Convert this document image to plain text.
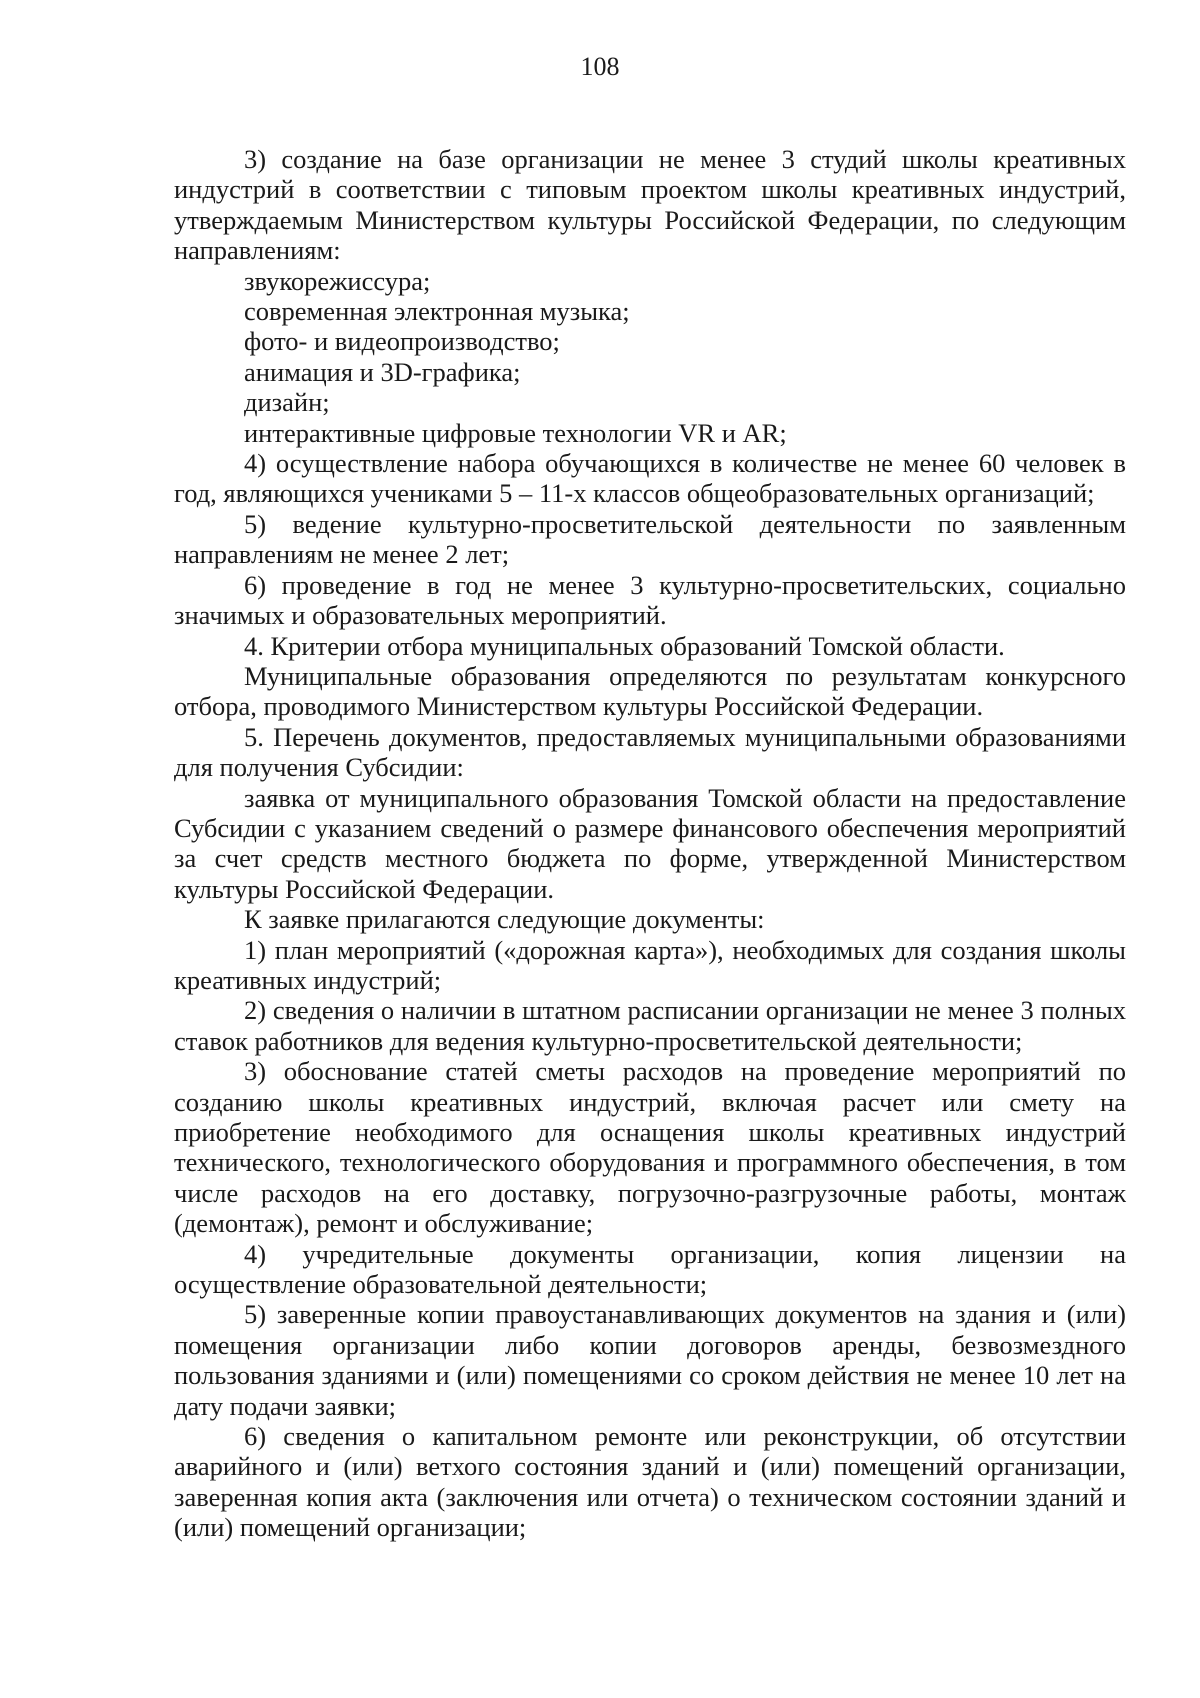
108

3) создание на базе организации не менее 3 студий школы креативных индустрий в соответствии с типовым проектом школы креативных индустрий, утверждаемым Министерством культуры Российской Федерации, по следующим направлениям:

звукорежиссура;

современная электронная музыка;

фото- и видеопроизводство;

анимация и 3D-графика;

дизайн;

интерактивные цифровые технологии VR и AR;

4) осуществление набора обучающихся в количестве не менее 60 человек в год, являющихся учениками 5 – 11-х классов общеобразовательных организаций;

5) ведение культурно-просветительской деятельности по заявленным направлениям не менее 2 лет;

6) проведение в год не менее 3 культурно-просветительских, социально значимых и образовательных мероприятий.

4. Критерии отбора муниципальных образований Томской области.

Муниципальные образования определяются по результатам конкурсного отбора, проводимого Министерством культуры Российской Федерации.

5. Перечень документов, предоставляемых муниципальными образованиями для получения Субсидии:

заявка от муниципального образования Томской области на предоставление Субсидии с указанием сведений о размере финансового обеспечения мероприятий за счет средств местного бюджета по форме, утвержденной Министерством культуры Российской Федерации.

К заявке прилагаются следующие документы:

1) план мероприятий («дорожная карта»), необходимых для создания школы креативных индустрий;

2) сведения о наличии в штатном расписании организации не менее 3 полных ставок работников для ведения культурно-просветительской деятельности;

3) обоснование статей сметы расходов на проведение мероприятий по созданию школы креативных индустрий, включая расчет или смету на приобретение необходимого для оснащения школы креативных индустрий технического, технологического оборудования и программного обеспечения, в том числе расходов на его доставку, погрузочно-разгрузочные работы, монтаж (демонтаж), ремонт и обслуживание;

4) учредительные документы организации, копия лицензии на осуществление образовательной деятельности;

5) заверенные копии правоустанавливающих документов на здания и (или) помещения организации либо копии договоров аренды, безвозмездного пользования зданиями и (или) помещениями со сроком действия не менее 10 лет на дату подачи заявки;

6) сведения о капитальном ремонте или реконструкции, об отсутствии аварийного и (или) ветхого состояния зданий и (или) помещений организации, заверенная копия акта (заключения или отчета) о техническом состоянии зданий и (или) помещений организации;
